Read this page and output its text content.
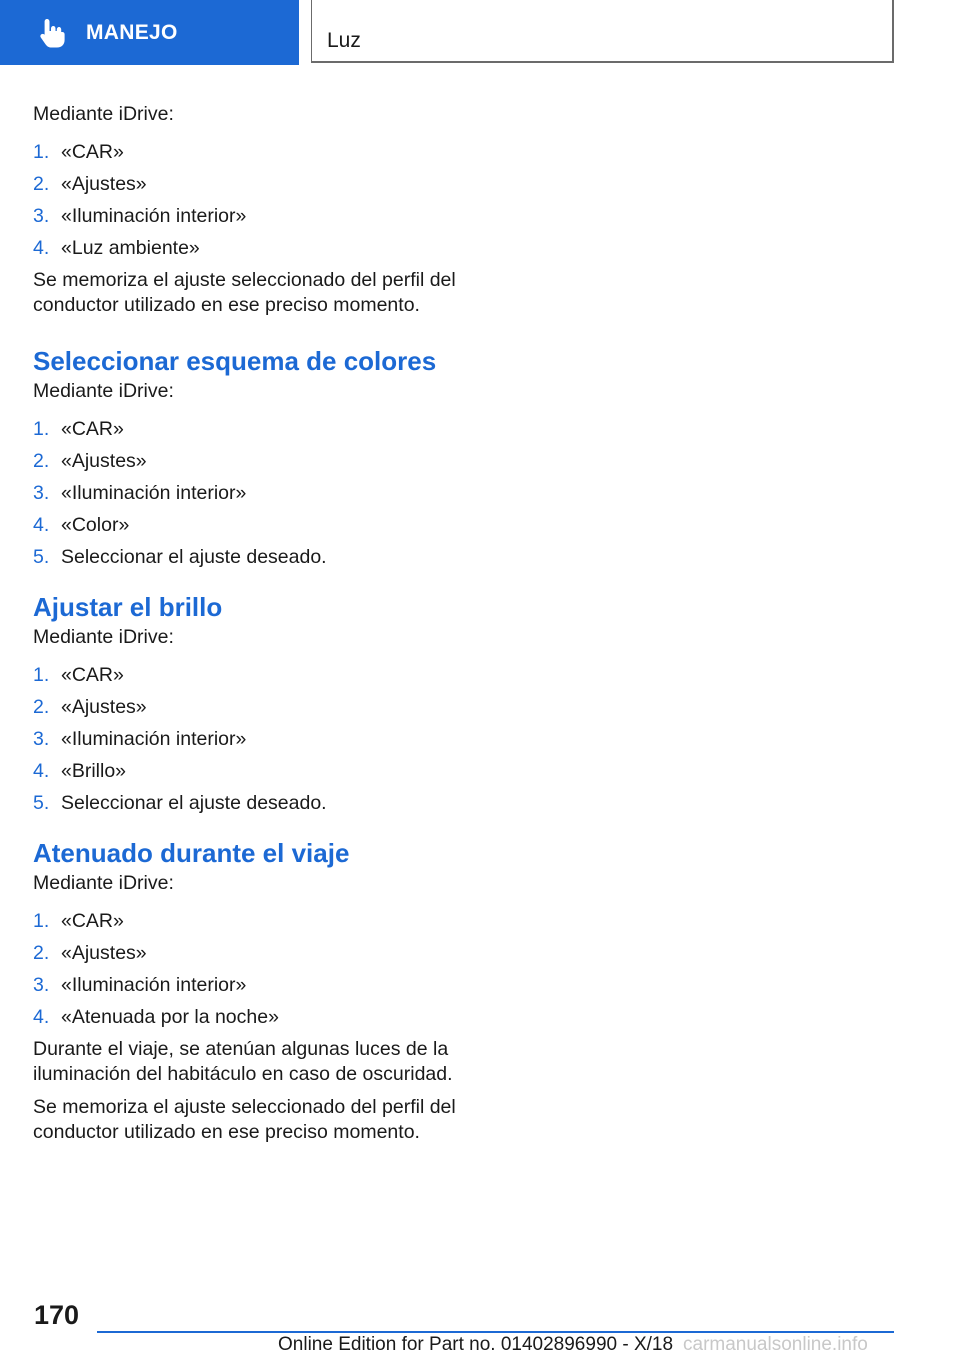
MANEJO	Luz

Mediante iDrive:

1. «CAR»
2. «Ajustes»
3. «Iluminación interior»
4. «Luz ambiente»

Se memoriza el ajuste seleccionado del perfil del

conductor utilizado en ese preciso momento.

Seleccionar esquema de colores

Mediante iDrive:

1. «CAR»
2. «Ajustes»
3. «Iluminación interior»
4. «Color»
5. Seleccionar el ajuste deseado.
Ajustar el brillo

Mediante iDrive:

1. «CAR»
2. «Ajustes»
3. «Iluminación interior»
4. «Brillo»
5. Seleccionar el ajuste deseado.
Atenuado durante el viaje

Mediante iDrive:

1. «CAR»
2. «Ajustes»
3. «Iluminación interior»
4. «Atenuada por la noche»

Durante el viaje, se atenúan algunas luces de la

iluminación del habitáculo en caso de oscuridad.

Se memoriza el ajuste seleccionado del perfil del

conductor utilizado en ese preciso momento.

170
Online Edition for Part no. 01402896990 - X/18 carmanualsonline.info
